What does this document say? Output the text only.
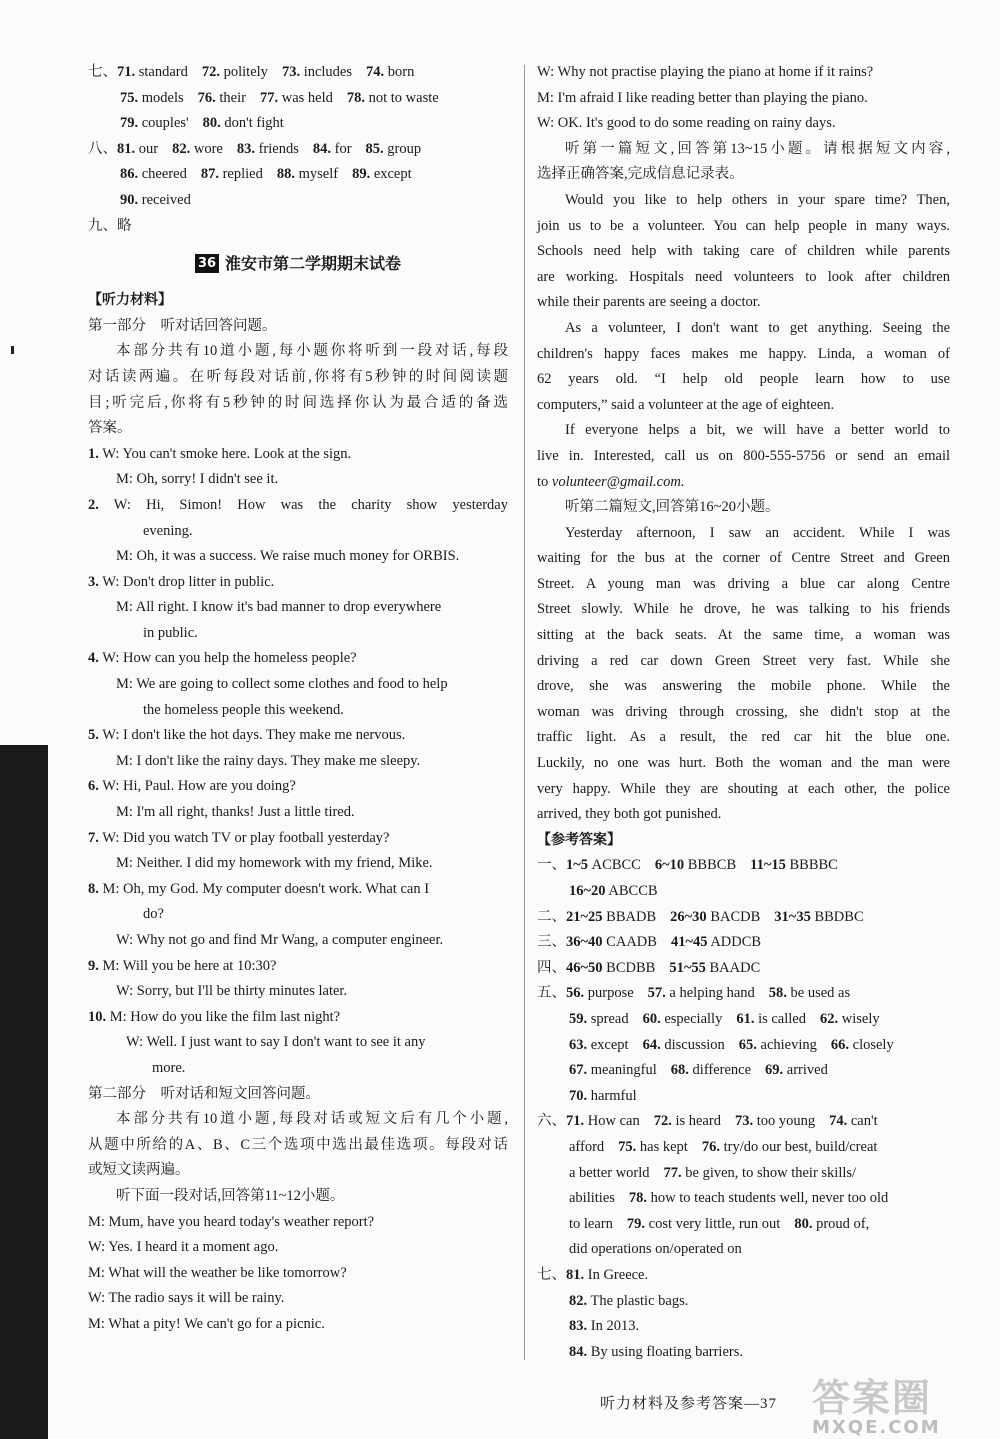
七、71. standard 72. politely 73. includes 74. born
75. models 76. their 77. was held 78. not to waste
79. couples' 80. don't fight
八、81. our 82. wore 83. friends 84. for 85. group
86. cheered 87. replied 88. myself 89. except
90. received
九、略
36 淮安市第二学期期末试卷
【听力材料】
第一部分　听对话回答问题。
本部分共有10道小题,每小题你将听到一段对话,每段
对话读两遍。在听每段对话前,你将有5秒钟的时间阅读题
目;听完后,你将有5秒钟的时间选择你认为最合适的备选
答案。
1. W: You can't smoke here. Look at the sign.
M: Oh, sorry! I didn't see it.
2. W: Hi, Simon! How was the charity show yesterday
evening.
M: Oh, it was a success. We raise much money for ORBIS.
3. W: Don't drop litter in public.
M: All right. I know it's bad manner to drop everywhere
in public.
4. W: How can you help the homeless people?
M: We are going to collect some clothes and food to help
the homeless people this weekend.
5. W: I don't like the hot days. They make me nervous.
M: I don't like the rainy days. They make me sleepy.
6. W: Hi, Paul. How are you doing?
M: I'm all right, thanks! Just a little tired.
7. W: Did you watch TV or play football yesterday?
M: Neither. I did my homework with my friend, Mike.
8. M: Oh, my God. My computer doesn't work. What can I
do?
W: Why not go and find Mr Wang, a computer engineer.
9. M: Will you be here at 10:30?
W: Sorry, but I'll be thirty minutes later.
10. M: How do you like the film last night?
W: Well. I just want to say I don't want to see it any
more.
第二部分　听对话和短文回答问题。
本部分共有10道小题,每段对话或短文后有几个小题,
从题中所给的A、B、C三个选项中选出最佳选项。每段对话
或短文读两遍。
听下面一段对话,回答第11~12小题。
M: Mum, have you heard today's weather report?
W: Yes. I heard it a moment ago.
M: What will the weather be like tomorrow?
W: The radio says it will be rainy.
M: What a pity! We can't go for a picnic.
W: Why not practise playing the piano at home if it rains?
M: I'm afraid I like reading better than playing the piano.
W: OK. It's good to do some reading on rainy days.
听第一篇短文,回答第13~15小题。请根据短文内容,
选择正确答案,完成信息记录表。
Would you like to help others in your spare time? Then,
join us to be a volunteer. You can help people in many ways.
Schools need help with taking care of children while parents
are working. Hospitals need volunteers to look after children
while their parents are seeing a doctor.
As a volunteer, I don't want to get anything. Seeing the
children's happy faces makes me happy. Linda, a woman of
62 years old. “I help old people learn how to use
computers,” said a volunteer at the age of eighteen.
If everyone helps a bit, we will have a better world to
live in. Interested, call us on 800-555-5756 or send an email
to volunteer@gmail.com.
听第二篇短文,回答第16~20小题。
Yesterday afternoon, I saw an accident. While I was
waiting for the bus at the corner of Centre Street and Green
Street. A young man was driving a blue car along Centre
Street slowly. While he drove, he was talking to his friends
sitting at the back seats. At the same time, a woman was
driving a red car down Green Street very fast. While she
drove, she was answering the mobile phone. While the
woman was driving through crossing, she didn't stop at the
traffic light. As a result, the red car hit the blue one.
Luckily, no one was hurt. Both the woman and the man were
very happy. While they are shouting at each other, the police
arrived, they both got punished.
【参考答案】
一、1~5 ACBCC 6~10 BBBCB 11~15 BBBBC
16~20 ABCCB
二、21~25 BBADB 26~30 BACDB 31~35 BBDBC
三、36~40 CAADB 41~45 ADDCB
四、46~50 BCDBB 51~55 BAADC
五、56. purpose 57. a helping hand 58. be used as
59. spread 60. especially 61. is called 62. wisely
63. except 64. discussion 65. achieving 66. closely
67. meaningful 68. difference 69. arrived
70. harmful
六、71. How can 72. is heard 73. too young 74. can't
afford 75. has kept 76. try/do our best, build/creat
a better world 77. be given, to show their skills/
abilities 78. how to teach students well, never too old
to learn 79. cost very little, run out 80. proud of,
did operations on/operated on
七、81. In Greece.
82. The plastic bags.
83. In 2013.
84. By using floating barriers.
听力材料及参考答案—37 答案圈
MXQE.COM
